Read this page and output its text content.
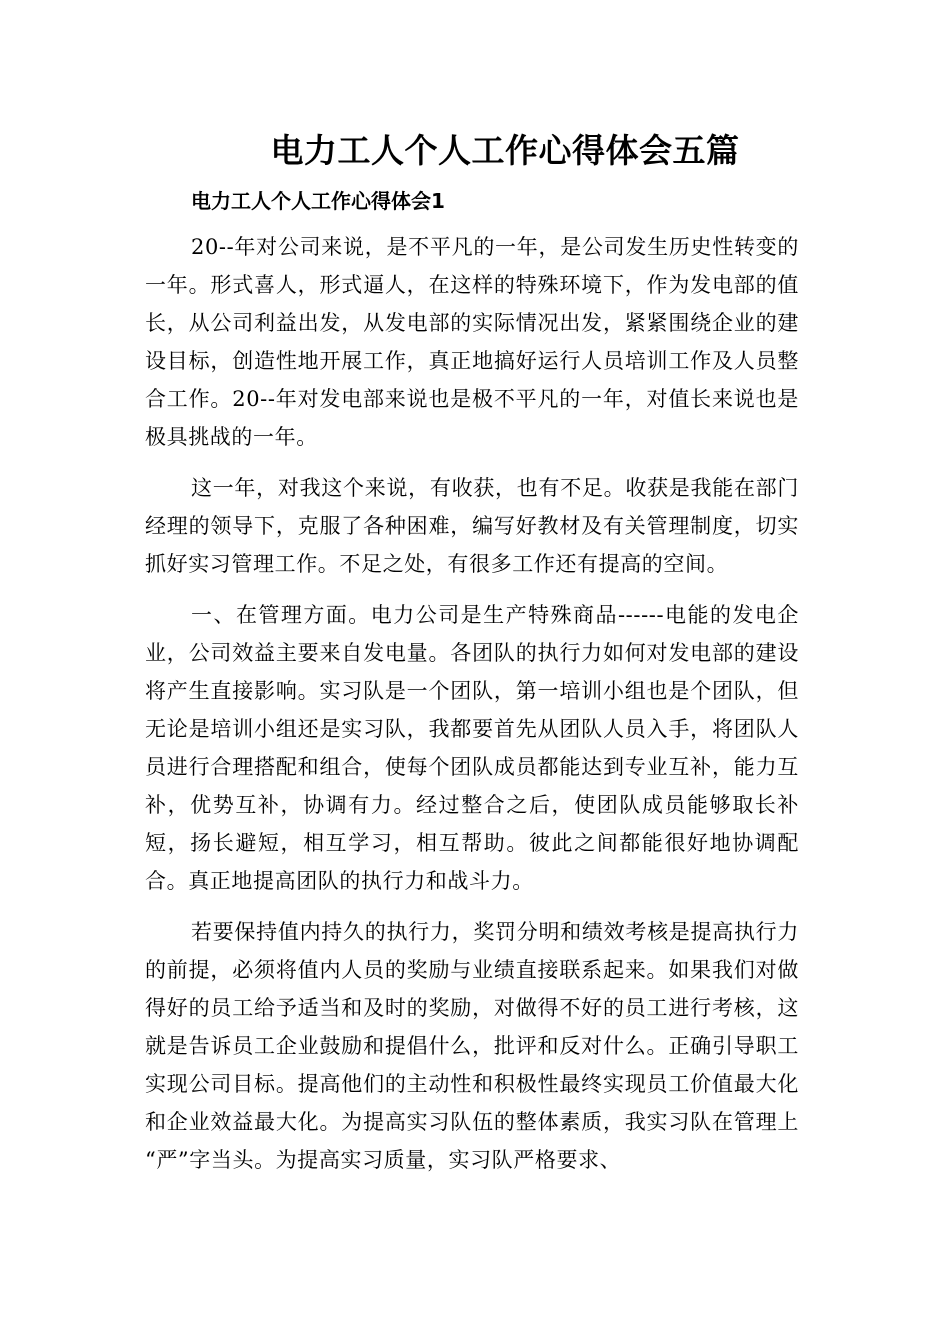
电力工人个人工作心得体会五篇
电力工人个人工作心得体会1

20--年对公司来说，是不平凡的一年，是公司发生历史性转变的一年。形式喜人，形式逼人，在这样的特殊环境下，作为发电部的值长，从公司利益出发，从发电部的实际情况出发，紧紧围绕企业的建设目标，创造性地开展工作，真正地搞好运行人员培训工作及人员整合工作。20--年对发电部来说也是极不平凡的一年，对值长来说也是极具挑战的一年。

这一年，对我这个来说，有收获，也有不足。收获是我能在部门经理的领导下，克服了各种困难，编写好教材及有关管理制度，切实抓好实习管理工作。不足之处，有很多工作还有提高的空间。

一、在管理方面。电力公司是生产特殊商品------电能的发电企业，公司效益主要来自发电量。各团队的执行力如何对发电部的建设将产生直接影响。实习队是一个团队，第一培训小组也是个团队，但无论是培训小组还是实习队，我都要首先从团队人员入手，将团队人员进行合理搭配和组合，使每个团队成员都能达到专业互补，能力互补，优势互补，协调有力。经过整合之后，使团队成员能够取长补短，扬长避短，相互学习，相互帮助。彼此之间都能很好地协调配合。真正地提高团队的执行力和战斗力。

若要保持值内持久的执行力，奖罚分明和绩效考核是提高执行力的前提，必须将值内人员的奖励与业绩直接联系起来。如果我们对做得好的员工给予适当和及时的奖励，对做得不好的员工进行考核，这就是告诉员工企业鼓励和提倡什么，批评和反对什么。正确引导职工实现公司目标。提高他们的主动性和积极性最终实现员工价值最大化和企业效益最大化。为提高实习队伍的整体素质，我实习队在管理上 “严”字当头。为提高实习质量，实习队严格要求、
